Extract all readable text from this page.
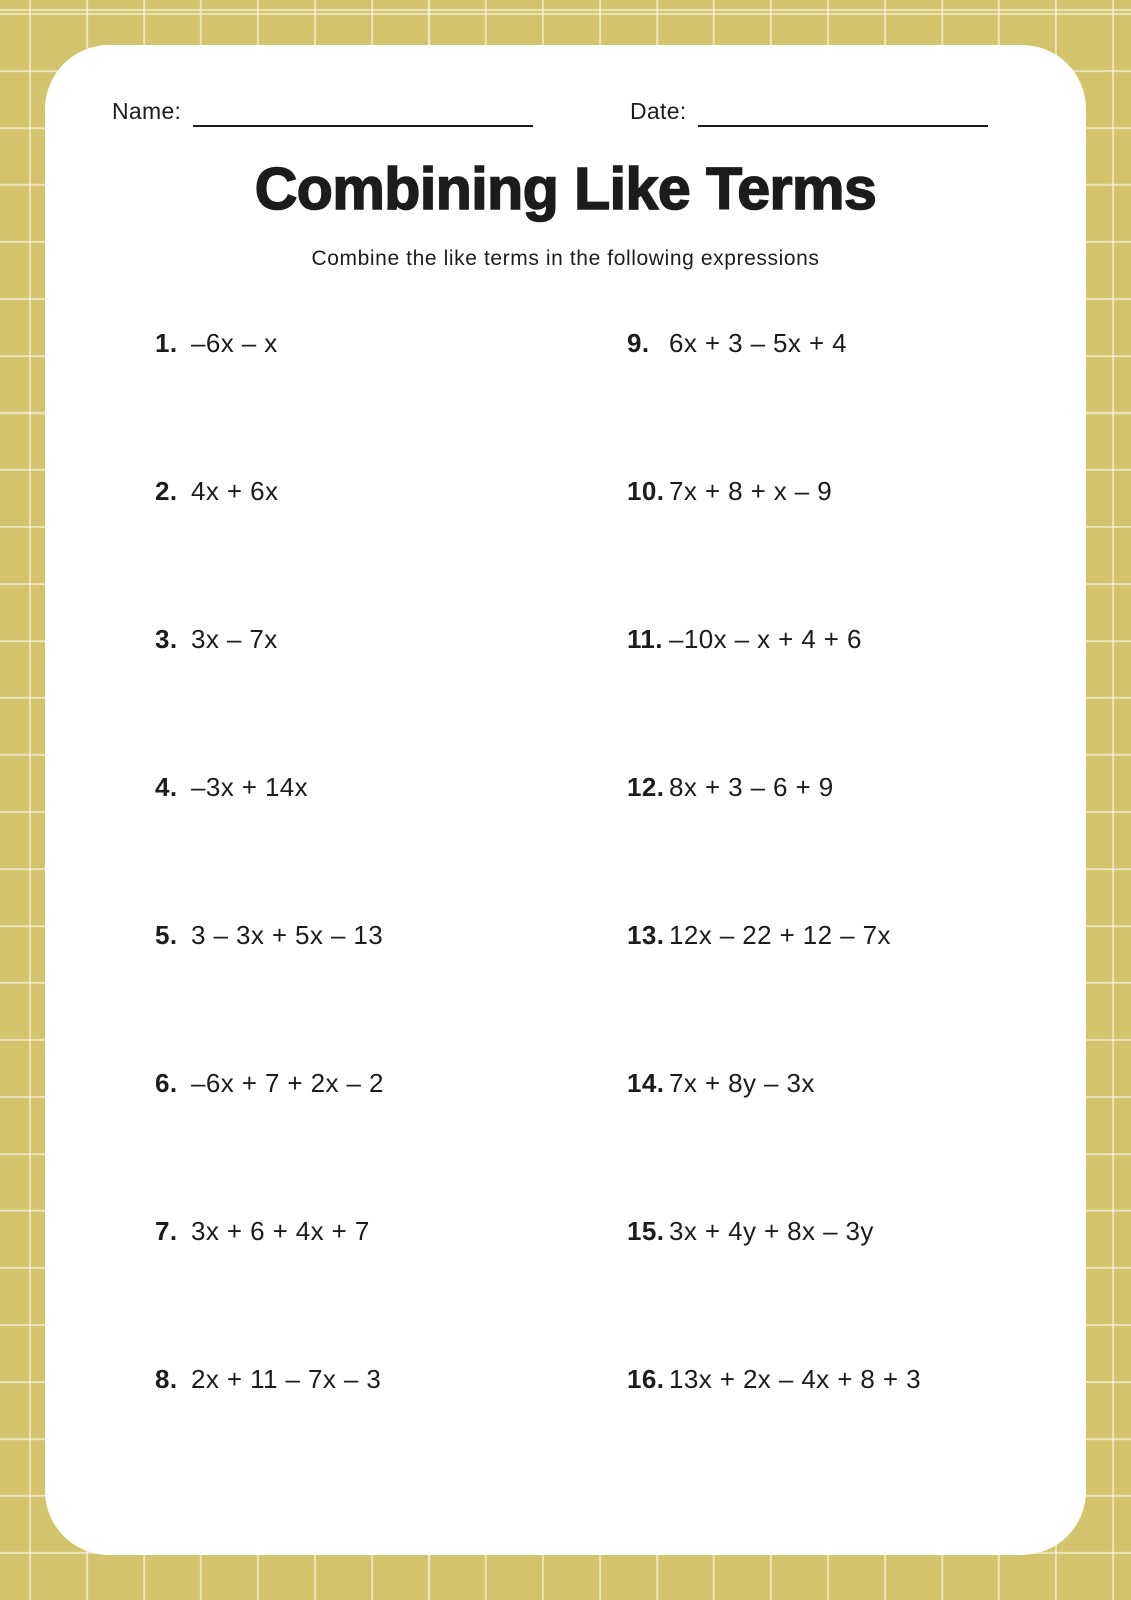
Name:	Date:
Combining Like Terms
Combine the like terms in the following expressions
1. –6x – x
2. 4x + 6x
3. 3x – 7x
4. –3x + 14x
5. 3 – 3x + 5x – 13
6. –6x + 7 + 2x – 2
7. 3x + 6 + 4x + 7
8. 2x + 11 – 7x – 3
9. 6x + 3 – 5x + 4
10. 7x + 8 + x – 9
11. –10x – x + 4 + 6
12. 8x + 3 – 6 + 9
13. 12x – 22 + 12 – 7x
14. 7x + 8y – 3x
15. 3x + 4y + 8x – 3y
16. 13x + 2x – 4x + 8 + 3
